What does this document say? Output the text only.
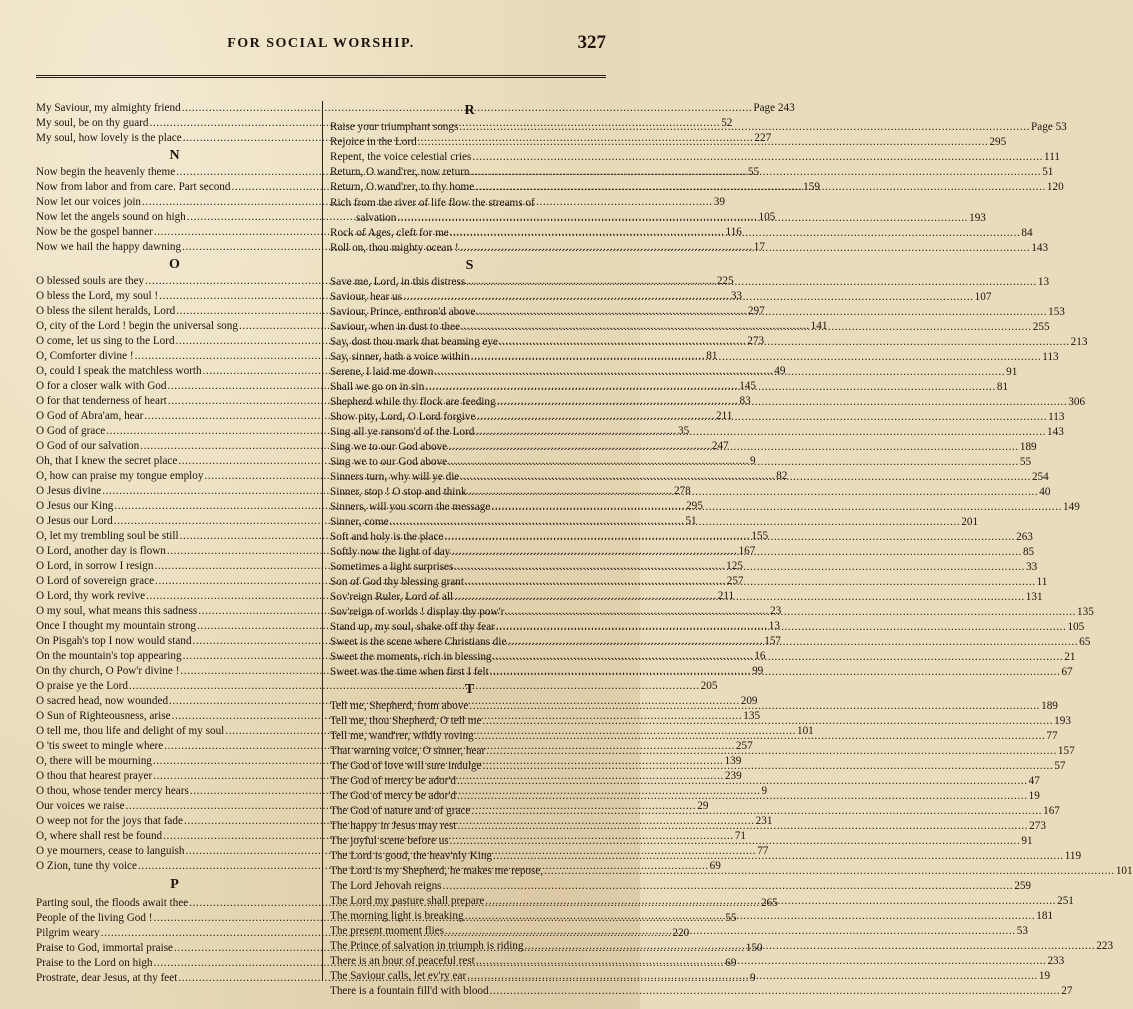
FOR SOCIAL WORSHIP.	327
My Saviour, my almighty friend .....	Page 243
My soul, be on thy guard .....	52
My soul, how lovely is the place .....	227
N
Now begin the heavenly theme .....	55
Now from labor and from care. Part second .....	159
Now let our voices join .....	39
Now let the angels sound on high .....	105
Now be the gospel banner .....	116
Now we hail the happy dawning .....	17
O
O blessed souls are they .....	225
O bless the Lord, my soul ! .....	33
O bless the silent heralds, Lord .....	297
O, city of the Lord ! begin the universal song .....	141
O come, let us sing to the Lord .....	273
O, Comforter divine ! .....	81
O, could I speak the matchless worth .....	49
O for a closer walk with God .....	145
O for that tenderness of heart .....	83
O God of Abra'am, hear .....	211
O God of grace .....	35
O God of our salvation .....	247
Oh, that I knew the secret place .....	9
O, how can praise my tongue employ .....	82
O Jesus divine .....	278
O Jesus our King .....	295
O Jesus our Lord .....	51
O, let my trembling soul be still .....	155
O Lord, another day is flown .....	167
O Lord, in sorrow I resign .....	125
O Lord of sovereign grace .....	257
O Lord, thy work revive .....	211
O my soul, what means this sadness .....	23
Once I thought my mountain strong .....	13
On Pisgah's top I now would stand .....	157
On the mountain's top appearing .....	16
On thy church, O Pow'r divine ! .....	99
O praise ye the Lord .....	205
O sacred head, now wounded .....	209
O Sun of Righteousness, arise .....	135
O tell me, thou life and delight of my soul .....	101
O 'tis sweet to mingle where .....	257
O, there will be mourning .....	139
O thou that hearest prayer .....	239
O thou, whose tender mercy hears .....	9
Our voices we raise .....	29
O weep not for the joys that fade .....	231
O, where shall rest be found .....	71
O ye mourners, cease to languish .....	77
O Zion, tune thy voice .....	69
P
Parting soul, the floods await thee .....	265
People of the living God ! .....	55
Pilgrim weary .....	220
Praise to God, immortal praise .....	150
Praise to the Lord on high .....	69
Prostrate, dear Jesus, at thy feet .....	9
R
Raise your triumphant songs .....	Page 53
Rejoice in the Lord .....	295
Repent, the voice celestial cries .....	111
Return, O wand'rer, now return .....	51
Return, O wand'rer, to thy home .....	120
Rich from the river of life flow the streams of
salvation .....	193
Rock of Ages, cleft for me .....	84
Roll on, thou mighty ocean ! .....	143
S
Save me, Lord, in this distress .....	13
Saviour, hear us .....	107
Saviour, Prince, enthron'd above .....	153
Saviour, when in dust to thee .....	255
Say, dost thou mark that beaming eye .....	213
Say, sinner, hath a voice within .....	113
Serene, I laid me down .....	91
Shall we go on in sin .....	81
Shepherd while thy flock are feeding .....	306
Show pity, Lord, O Lord forgive .....	113
Sing all ye ransom'd of the Lord .....	143
Sing we to our God above .....	189
Sing we to our God above .....	55
Sinners turn, why will ye die .....	254
Sinner, stop ! O stop and think .....	40
Sinners, will you scorn the message .....	149
Sinner, come .....	201
Soft and holy is the place .....	263
Softly now the light of day .....	85
Sometimes a light surprises .....	33
Son of God thy blessing grant .....	11
Sov'reign Ruler, Lord of all .....	131
Sov'reign of worlds ! display thy pow'r .....	135
Stand up, my soul, shake off thy fear .....	105
Sweet is the scene where Christians die .....	65
Sweet the moments, rich in blessing .....	21
Sweet was the time when first I felt .....	67
T
Tell me, Shepherd, from above .....	189
Tell me, thou Shepherd, O tell me .....	193
Tell me, wand'rer, wildly roving .....	77
That warning voice, O sinner, hear .....	157
The God of love will sure indulge .....	57
The God of mercy be ador'd .....	47
The God of mercy be ador'd .....	19
The God of nature and of grace .....	167
The happy in Jesus may rest .....	273
The joyful scene before us .....	91
The Lord is good, the heav'nly King .....	119
The Lord is my Shepherd, he makes me repose, .....	101
The Lord Jehovah reigns .....	259
The Lord my pasture shall prepare .....	251
The morning light is breaking .....	181
The present moment flies .....	53
The Prince of salvation in triumph is riding .....	223
There is an hour of peaceful rest .....	233
The Saviour calls, let ev'ry ear .....	19
There is a fountain fill'd with blood .....	27
